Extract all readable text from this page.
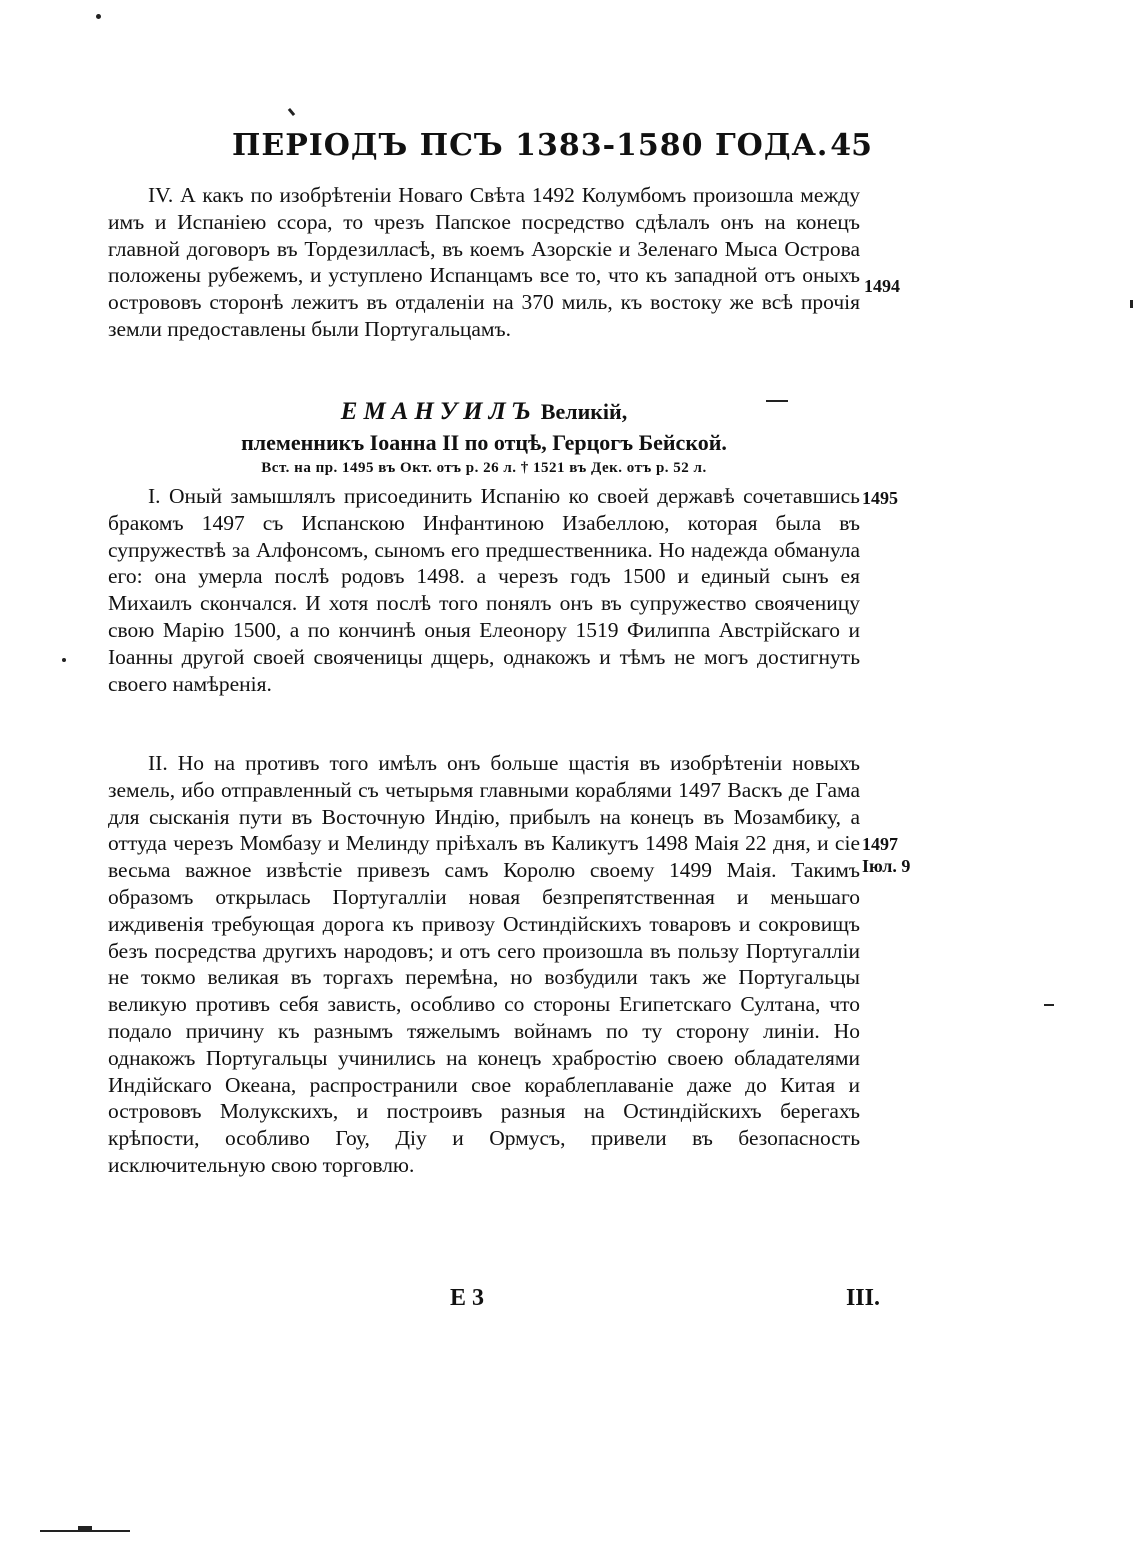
ПЕРIОДЪ ПСЪ 1383-1580 ГОДА. 45

IV. А какъ по изобрѣтенiи Новаго Свѣта 1492 Колумбомъ произошла между имъ и Испанiею ссора, то чрезъ Папское посредство сдѣлалъ онъ на конецъ главной договоръ въ Тордезилласѣ, въ коемъ Азорскiе и Зеленаго Мыса Острова положены рубежемъ, и уступлено Испанцамъ все то, что къ западной отъ оныхъ острововъ сторонѣ лежитъ въ отдаленiи на 370 миль, къ востоку же всѣ прочiя земли предоставлены были Португальцамъ.

ЕМАНУИЛЪ Великiй,
племенникъ Iоанна II по отцѣ, Герцогъ Бейской.
Вст. на пр. 1495 въ Окт. отъ р. 26 л. † 1521 въ Дек. отъ р. 52 л.

I. Оный замышлялъ присоединить Испанiю ко своей державѣ сочетавшись бракомъ 1497 съ Испанскою Инфантиною Изабеллою, которая была въ супружествѣ за Алфонсомъ, сыномъ его предшественника. Но надежда обманула его: она умерла послѣ родовъ 1498. а черезъ годъ 1500 и единый сынъ ея Михаилъ скончался. И хотя послѣ того понялъ онъ въ супружество свояченицу свою Марiю 1500, а по кончинѣ оныя Елеонору 1519 Филиппа Австрiйскаго и Iоанны другой своей свояченицы дщерь, однакожъ и тѣмъ не могъ достигнуть своего намѣренiя.

II. Но на противъ того имѣлъ онъ больше щастiя въ изобрѣтенiи новыхъ земель, ибо отправленный съ четырьмя главными кораблями 1497 Васкъ де Гама для сысканiя пути въ Восточную Индiю, прибылъ на конецъ въ Мозамбику, а оттуда черезъ Момбазу и Мелинду прiѣхалъ въ Каликутъ 1498 Маiя 22 дня, и сiе весьма важное извѣстiе привезъ самъ Королю своему 1499 Маiя. Такимъ образомъ открылась Португаллiи новая безпрепятственная и меньшаго иждивенiя требующая дорога къ привозу Остиндiйскихъ товаровъ и сокровищъ безъ посредства другихъ народовъ; и отъ сего произошла въ пользу Португаллiи не токмо великая въ торгахъ перемѣна, но возбудили такъ же Португальцы великую противъ себя зависть, особливо со стороны Египетскаго Султана, что подало причину къ разнымъ тяжелымъ войнамъ по ту сторону линiи. Но однакожъ Португальцы учинились на конецъ храбростiю своею обладателями Индiйскаго Океана, распространили свое кораблеплаванiе даже до Китая и острововъ Молукскихъ, и построивъ разныя на Остиндiйскихъ берегахъ крѣпости, особливо Гоу, Дiу и Ормусъ, привели въ безопасность исключительную свою торговлю.

1494
1495
1497
Iюл. 9
E 3	III.
